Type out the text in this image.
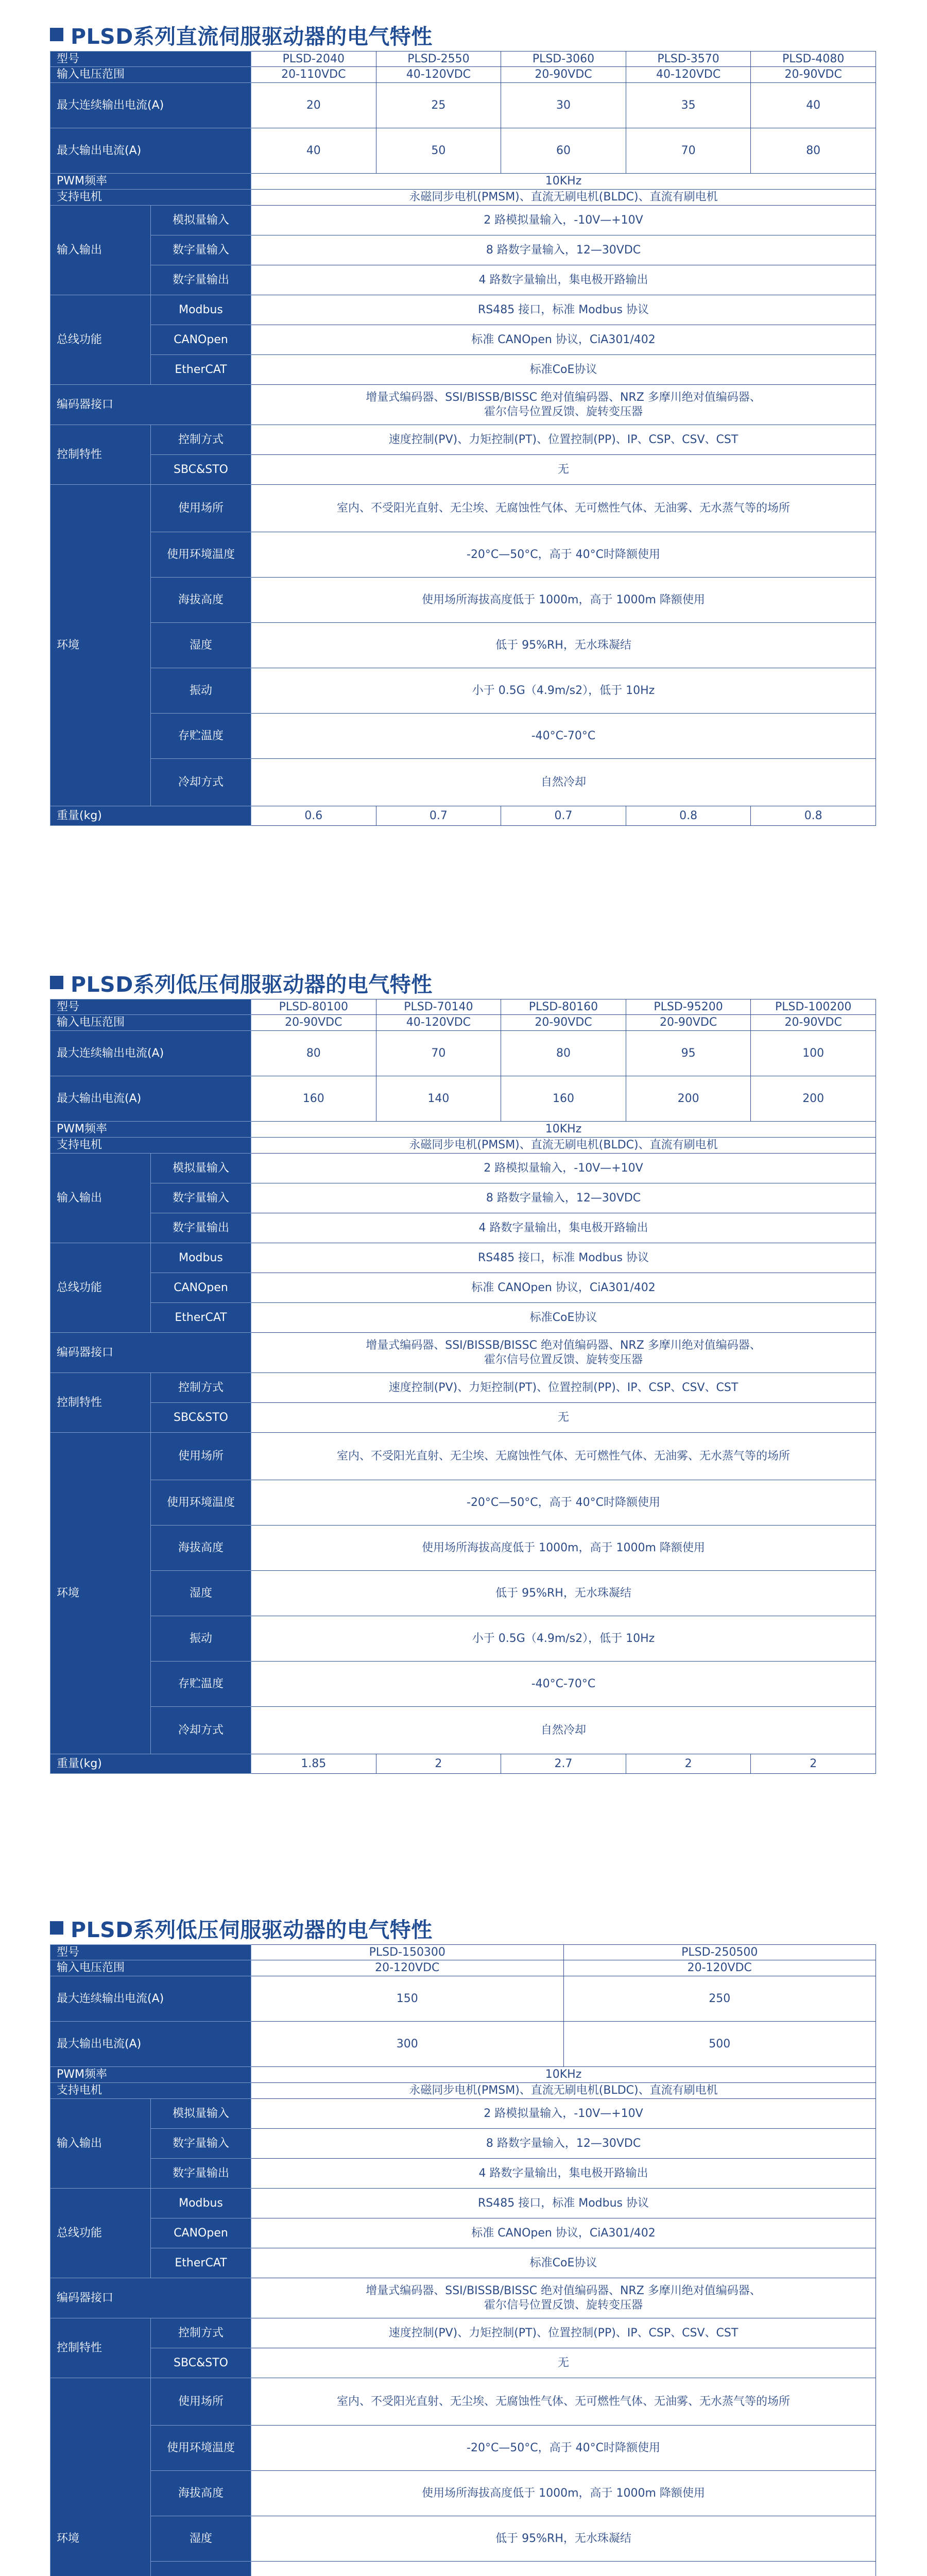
PLSD系列直流伺服驱动器的电气特性
型号		PLSD-2040	PLSD-2550	PLSD-3060	PLSD-3570	PLSD-4080
输入电压范围		20-110VDC	40-120VDC	20-90VDC	40-120VDC	20-90VDC
最大连续输出电流(A)		20	25	30	35	40
最大输出电流(A)		40	50	60	70	80
PWM频率		10KHz				
支持电机		永磁同步电机(PMSM)、直流无刷电机(BLDC)、直流有刷电机				
输入输出	模拟量输入	2 路模拟量输入，-10V—+10V				
	数字量输入	8 路数字量输入，12—30VDC				
	数字量输出	4 路数字量输出，集电极开路输出				
总线功能	Modbus	RS485 接口，标准 Modbus 协议				
	CANOpen	标准 CANOpen 协议，CiA301/402				
	EtherCAT	标准CoE协议				
编码器接口		增量式编码器、SSI/BISSB/BISSC 绝对值编码器、NRZ 多摩川绝对值编码器、
霍尔信号位置反馈、旋转变压器				

控制特性	控制方式	速度控制(PV)、力矩控制(PT)、位置控制(PP)、IP、CSP、CSV、CST				
	SBC&STO	无				
环境	使用场所	室内、不受阳光直射、无尘埃、无腐蚀性气体、无可燃性气体、无油雾、无水蒸气等的场所				
	使用环境温度	-20°C—50°C，高于 40°C时降额使用				
	海拔高度	使用场所海拔高度低于 1000m，高于 1000m 降额使用				
	湿度	低于 95%RH，无水珠凝结				
	振动	小于 0.5G（4.9m/s2），低于 10Hz				
	存贮温度	-40°C-70°C				
	冷却方式	自然冷却				
重量(kg)		0.6	0.7	0.7	0.8	0.8
PLSD系列低压伺服驱动器的电气特性
型号		PLSD-80100	PLSD-70140	PLSD-80160	PLSD-95200	PLSD-100200
输入电压范围		20-90VDC	40-120VDC	20-90VDC	20-90VDC	20-90VDC
最大连续输出电流(A)		80	70	80	95	100
最大输出电流(A)		160	140	160	200	200
PWM频率		10KHz				
支持电机		永磁同步电机(PMSM)、直流无刷电机(BLDC)、直流有刷电机				
输入输出	模拟量输入	2 路模拟量输入，-10V—+10V				
	数字量输入	8 路数字量输入，12—30VDC				
	数字量输出	4 路数字量输出，集电极开路输出				
总线功能	Modbus	RS485 接口，标准 Modbus 协议				
	CANOpen	标准 CANOpen 协议，CiA301/402				
	EtherCAT	标准CoE协议				
编码器接口		增量式编码器、SSI/BISSB/BISSC 绝对值编码器、NRZ 多摩川绝对值编码器、
霍尔信号位置反馈、旋转变压器				

控制特性	控制方式	速度控制(PV)、力矩控制(PT)、位置控制(PP)、IP、CSP、CSV、CST				
	SBC&STO	无				
环境	使用场所	室内、不受阳光直射、无尘埃、无腐蚀性气体、无可燃性气体、无油雾、无水蒸气等的场所				
	使用环境温度	-20°C—50°C，高于 40°C时降额使用				
	海拔高度	使用场所海拔高度低于 1000m，高于 1000m 降额使用				
	湿度	低于 95%RH，无水珠凝结				
	振动	小于 0.5G（4.9m/s2），低于 10Hz				
	存贮温度	-40°C-70°C				
	冷却方式	自然冷却				
重量(kg)		1.85	2	2.7	2	2
PLSD系列低压伺服驱动器的电气特性
型号		PLSD-150300	PLSD-250500
输入电压范围		20-120VDC	20-120VDC
最大连续输出电流(A)		150	250
最大输出电流(A)		300	500
PWM频率		10KHz	
支持电机		永磁同步电机(PMSM)、直流无刷电机(BLDC)、直流有刷电机	
输入输出	模拟量输入	2 路模拟量输入，-10V—+10V	
	数字量输入	8 路数字量输入，12—30VDC	
	数字量输出	4 路数字量输出，集电极开路输出	
总线功能	Modbus	RS485 接口，标准 Modbus 协议	
	CANOpen	标准 CANOpen 协议，CiA301/402	
	EtherCAT	标准CoE协议	
编码器接口		增量式编码器、SSI/BISSB/BISSC 绝对值编码器、NRZ 多摩川绝对值编码器、
霍尔信号位置反馈、旋转变压器	

控制特性	控制方式	速度控制(PV)、力矩控制(PT)、位置控制(PP)、IP、CSP、CSV、CST	
	SBC&STO	无	
环境	使用场所	室内、不受阳光直射、无尘埃、无腐蚀性气体、无可燃性气体、无油雾、无水蒸气等的场所	
	使用环境温度	-20°C—50°C，高于 40°C时降额使用	
	海拔高度	使用场所海拔高度低于 1000m，高于 1000m 降额使用	
	湿度	低于 95%RH，无水珠凝结	
